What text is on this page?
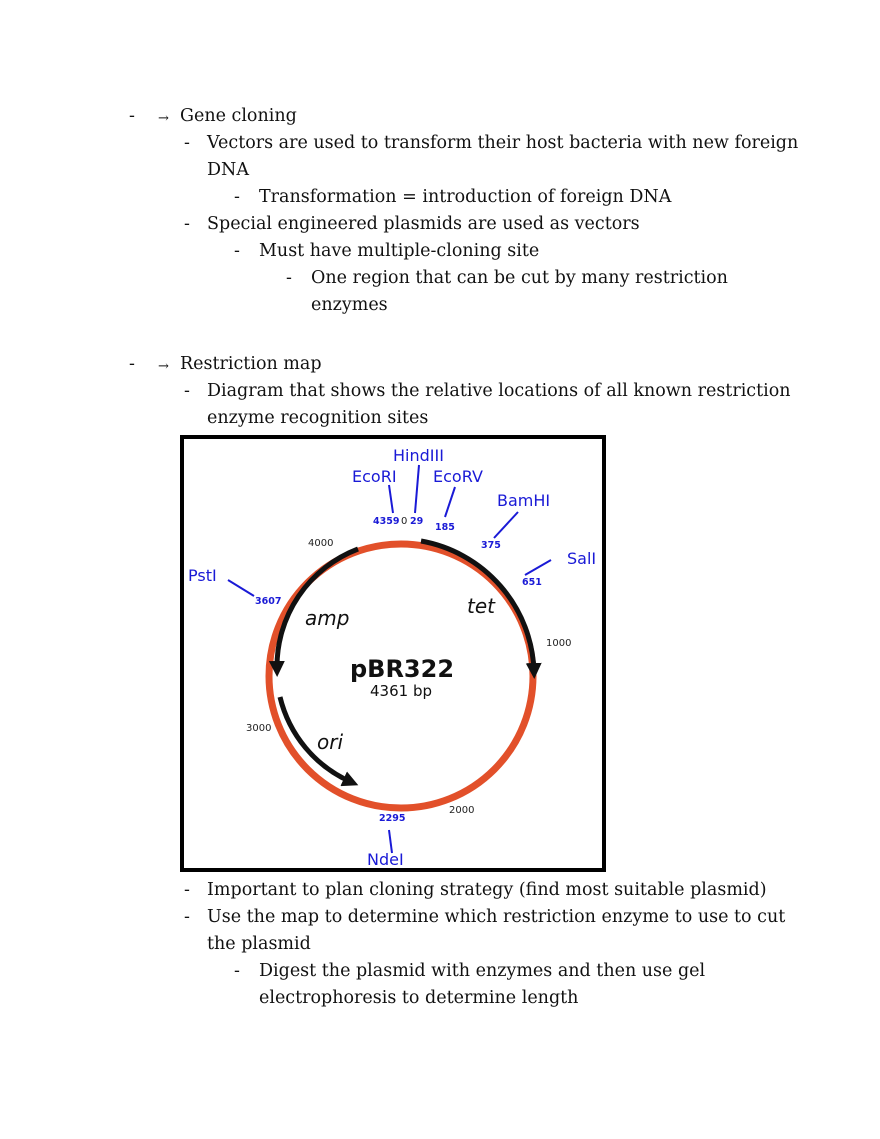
- → Gene cloning
- Vectors are used to transform their host bacteria with new foreign
DNA
- Transformation = introduction of foreign DNA
- Special engineered plasmids are used as vectors
- Must have multiple-cloning site
- One region that can be cut by many restriction
enzymes
- → Restriction map
- Diagram that shows the relative locations of all known restriction
enzyme recognition sites
HindIII
EcoRI EcoRV
BamHI
SalI
PstI
NdeI
4359 0 29
185
375
651
3607
2295
1000
2000
3000
4000
tet
amp
ori
pBR322
4361 bp
- Important to plan cloning strategy (find most suitable plasmid)
- Use the map to determine which restriction enzyme to use to cut
the plasmid
- Digest the plasmid with enzymes and then use gel
electrophoresis to determine length
